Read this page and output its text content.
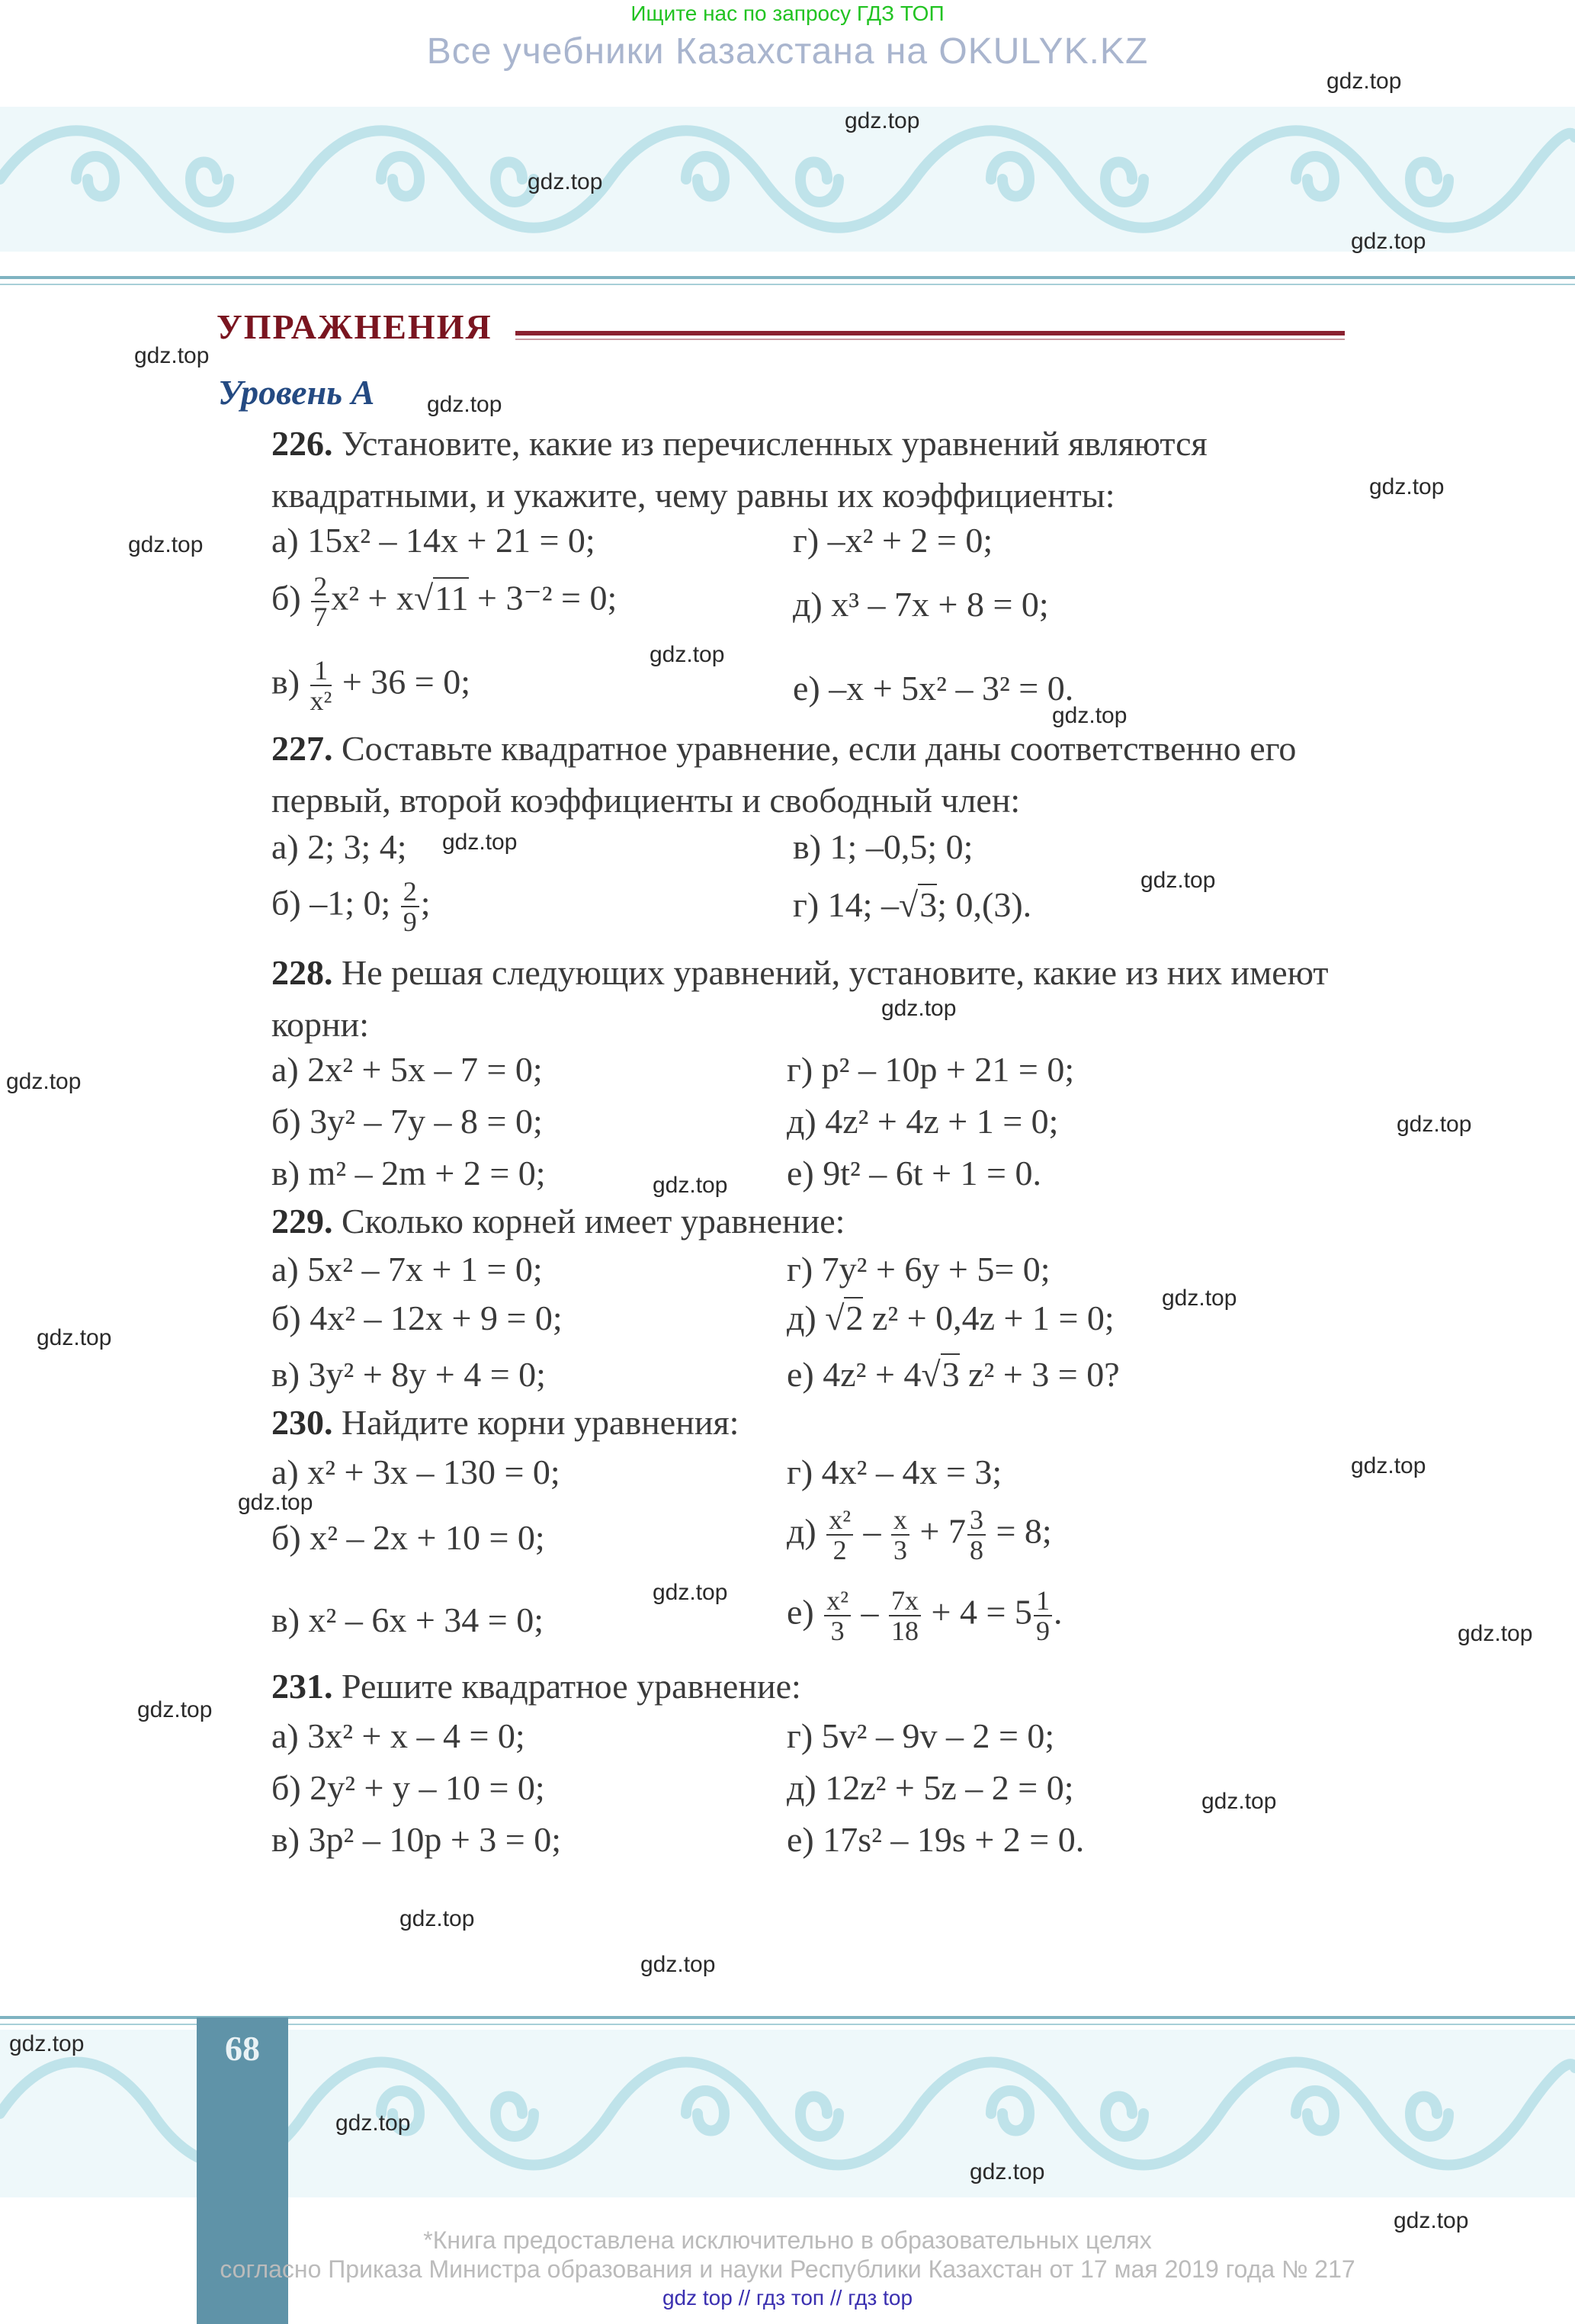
Ищите нас по запросу ГДЗ ТОП
Все учебники Казахстана на OKULYK.KZ
УПРАЖНЕНИЯ
Уровень А
226. Установите, какие из перечисленных уравнений являются квадратными, и укажите, чему равны их коэффициенты:
а) 15x² – 14x + 21 = 0;	г) –x² + 2 = 0;
$б) \frac{2}{7} x^2 + x√11 + 3^{-2} = 0$;	д) x³ – 7x + 8 = 0;
$в) \frac{1}{\text{x²}} + 36 = 0$;	е) –x + 5x² – 3² = 0.
227. Составьте квадратное уравнение, если даны соответственно его первый, второй коэффициенты и свободный член:
а) 2; 3; 4;	в) 1; –0,5; 0;
б) –1; 0; $\frac{2}{9}$ ;	г) 14; –√3; 0,(3).
228. Не решая следующих уравнений, установите, какие из них имеют корни:
а) 2x² + 5x – 7 = 0;	г) p² – 10p + 21 = 0;
б) 3y² – 7y – 8 = 0;	д) 4z² + 4z + 1 = 0;
в) m² – 2m + 2 = 0;	е) 9t² – 6t + 1 = 0.
229. Сколько корней имеет уравнение:
а) 5x² – 7x + 1 = 0;	г) 7y² + 6y + 5= 0;
б) 4x² – 12x + 9 = 0;	д) √2 z² + 0,4z + 1 = 0;
в) 3y² + 8y + 4 = 0;	е) 4z² + 4√3 z² + 3 = 0?
230. Найдите корни уравнения:
а) x² + 3x – 130 = 0;	г) 4x² – 4x = 3;
б) x² – 2x + 10 = 0;	$д) \frac{\text{x²}}{2} - \frac{x}{3} + 7 \frac{3}{8} = 8$;
в) x² – 6x + 34 = 0;	$е) \frac{\text{x²}}{3} - \frac{7x}{18} + 4 = 5 \frac{1}{9}$ .
231. Решите квадратное уравнение:
а) 3x² + x – 4 = 0;	г) 5v² – 9v – 2 = 0;
б) 2y² + y – 10 = 0;	д) 12z² + 5z – 2 = 0;
в) 3p² – 10p + 3 = 0;	е) 17s² – 19s + 2 = 0.
68
*Книга предоставлена исключительно в образовательных целях
согласно Приказа Министра образования и науки Республики Казахстан от 17 мая 2019 года № 217
gdz top // гдз топ // гдз top
gdz.top
gdz.top
gdz.top
gdz.top
gdz.top
gdz.top
gdz.top
gdz.top
gdz.top
gdz.top
gdz.top
gdz.top
gdz.top
gdz.top
gdz.top
gdz.top
gdz.top
gdz.top
gdz.top
gdz.top
gdz.top
gdz.top
gdz.top
gdz.top
gdz.top
gdz.top
gdz.top
gdz.top
gdz.top
gdz.top
